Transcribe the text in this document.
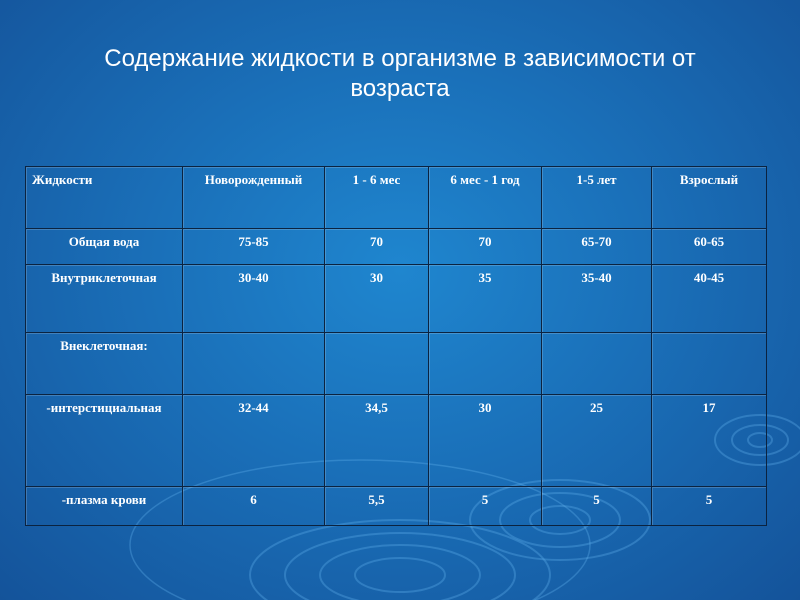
Содержание жидкости в организме в зависимости от
возраста
Жидкости	Новорожденный	1 - 6 мес	6 мес - 1 год	1-5 лет	Взрослый
Общая вода	75-85	70	70	65-70	60-65
Внутриклеточная	30-40	30	35	35-40	40-45
Внеклеточная:					
-интерстициальная	32-44	34,5	30	25	17
-плазма крови	6	5,5	5	5	5
